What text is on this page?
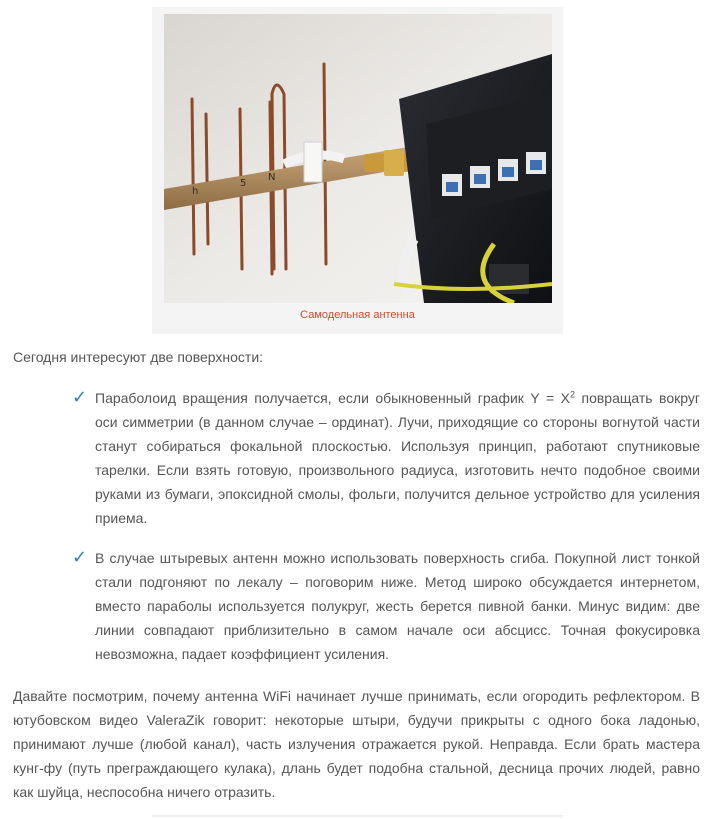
h
5
N
Самодельная антенна

Сегодня интересуют две поверхности:

✓ Параболоид вращения получается, если обыкновенный график $Y = X^2$ повращать вокруг оси симметрии (в данном случае – ординат). Лучи, приходящие со стороны вогнутой части станут собираться фокальной плоскостью. Используя принцип, работают спутниковые тарелки. Если взять готовую, произвольного радиуса, изготовить нечто подобное своими руками из бумаги, эпоксидной смолы, фольги, получится дельное устройство для усиления приема.

✓ В случае штыревых антенн можно использовать поверхность сгиба. Покупной лист тонкой стали подгоняют по лекалу – поговорим ниже. Метод широко обсуждается интернетом, вместо параболы используется полукруг, жесть берется пивной банки. Минус видим: две линии совпадают приблизительно в самом начале оси абсцисс. Точная фокусировка невозможна, падает коэффициент усиления.

Давайте посмотрим, почему антенна WiFi начинает лучше принимать, если огородить рефлектором. В ютубовском видео ValeraZik говорит: некоторые штыри, будучи прикрыты с одного бока ладонью, принимают лучше (любой канал), часть излучения отражается рукой. Неправда. Если брать мастера кунг-фу (путь преграждающего кулака), длань будет подобна стальной, десница прочих людей, равно как шуйца, неспособна ничего отразить.
